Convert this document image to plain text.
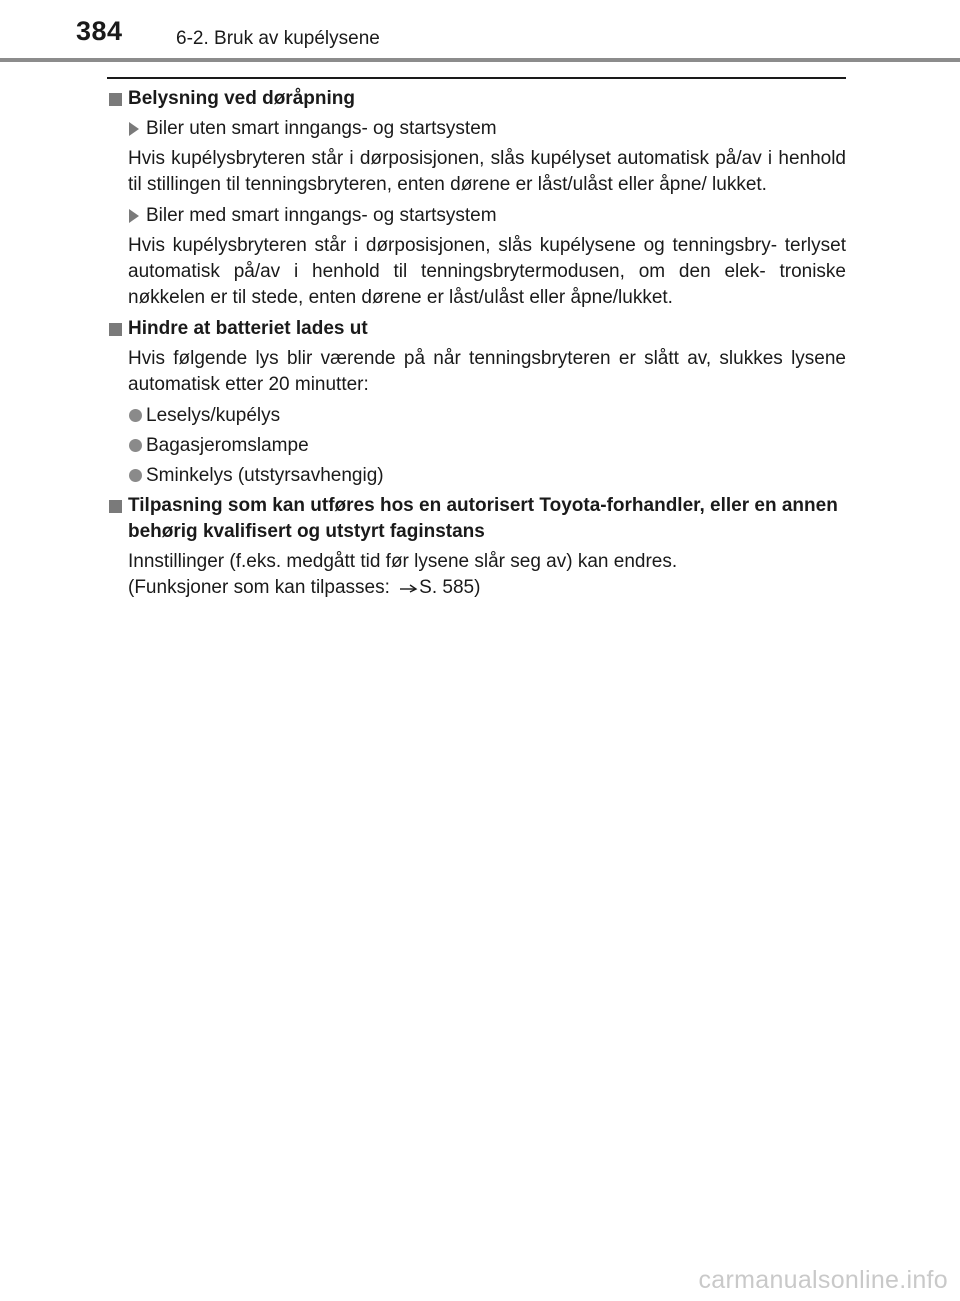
384	6-2. Bruk av kupélysene
Belysning ved døråpning
Biler uten smart inngangs- og startsystem
Hvis kupélysbryteren står i dørposisjonen, slås kupélyset automatisk på/av i henhold til stillingen til tenningsbryteren, enten dørene er låst/ulåst eller åpne/ lukket.
Biler med smart inngangs- og startsystem
Hvis kupélysbryteren står i dørposisjonen, slås kupélysene og tenningsbry- terlyset automatisk på/av i henhold til tenningsbrytermodusen, om den elek- troniske nøkkelen er til stede, enten dørene er låst/ulåst eller åpne/lukket.
Hindre at batteriet lades ut
Hvis følgende lys blir værende på når tenningsbryteren er slått av, slukkes lysene automatisk etter 20 minutter:
Leselys/kupélys
Bagasjeromslampe
Sminkelys (utstyrsavhengig)
Tilpasning som kan utføres hos en autorisert Toyota-forhandler, eller en annen behørig kvalifisert og utstyrt faginstans
Innstillinger (f.eks. medgått tid før lysene slår seg av) kan endres.
(Funksjoner som kan tilpasses: S. 585)
carmanualsonline.info
